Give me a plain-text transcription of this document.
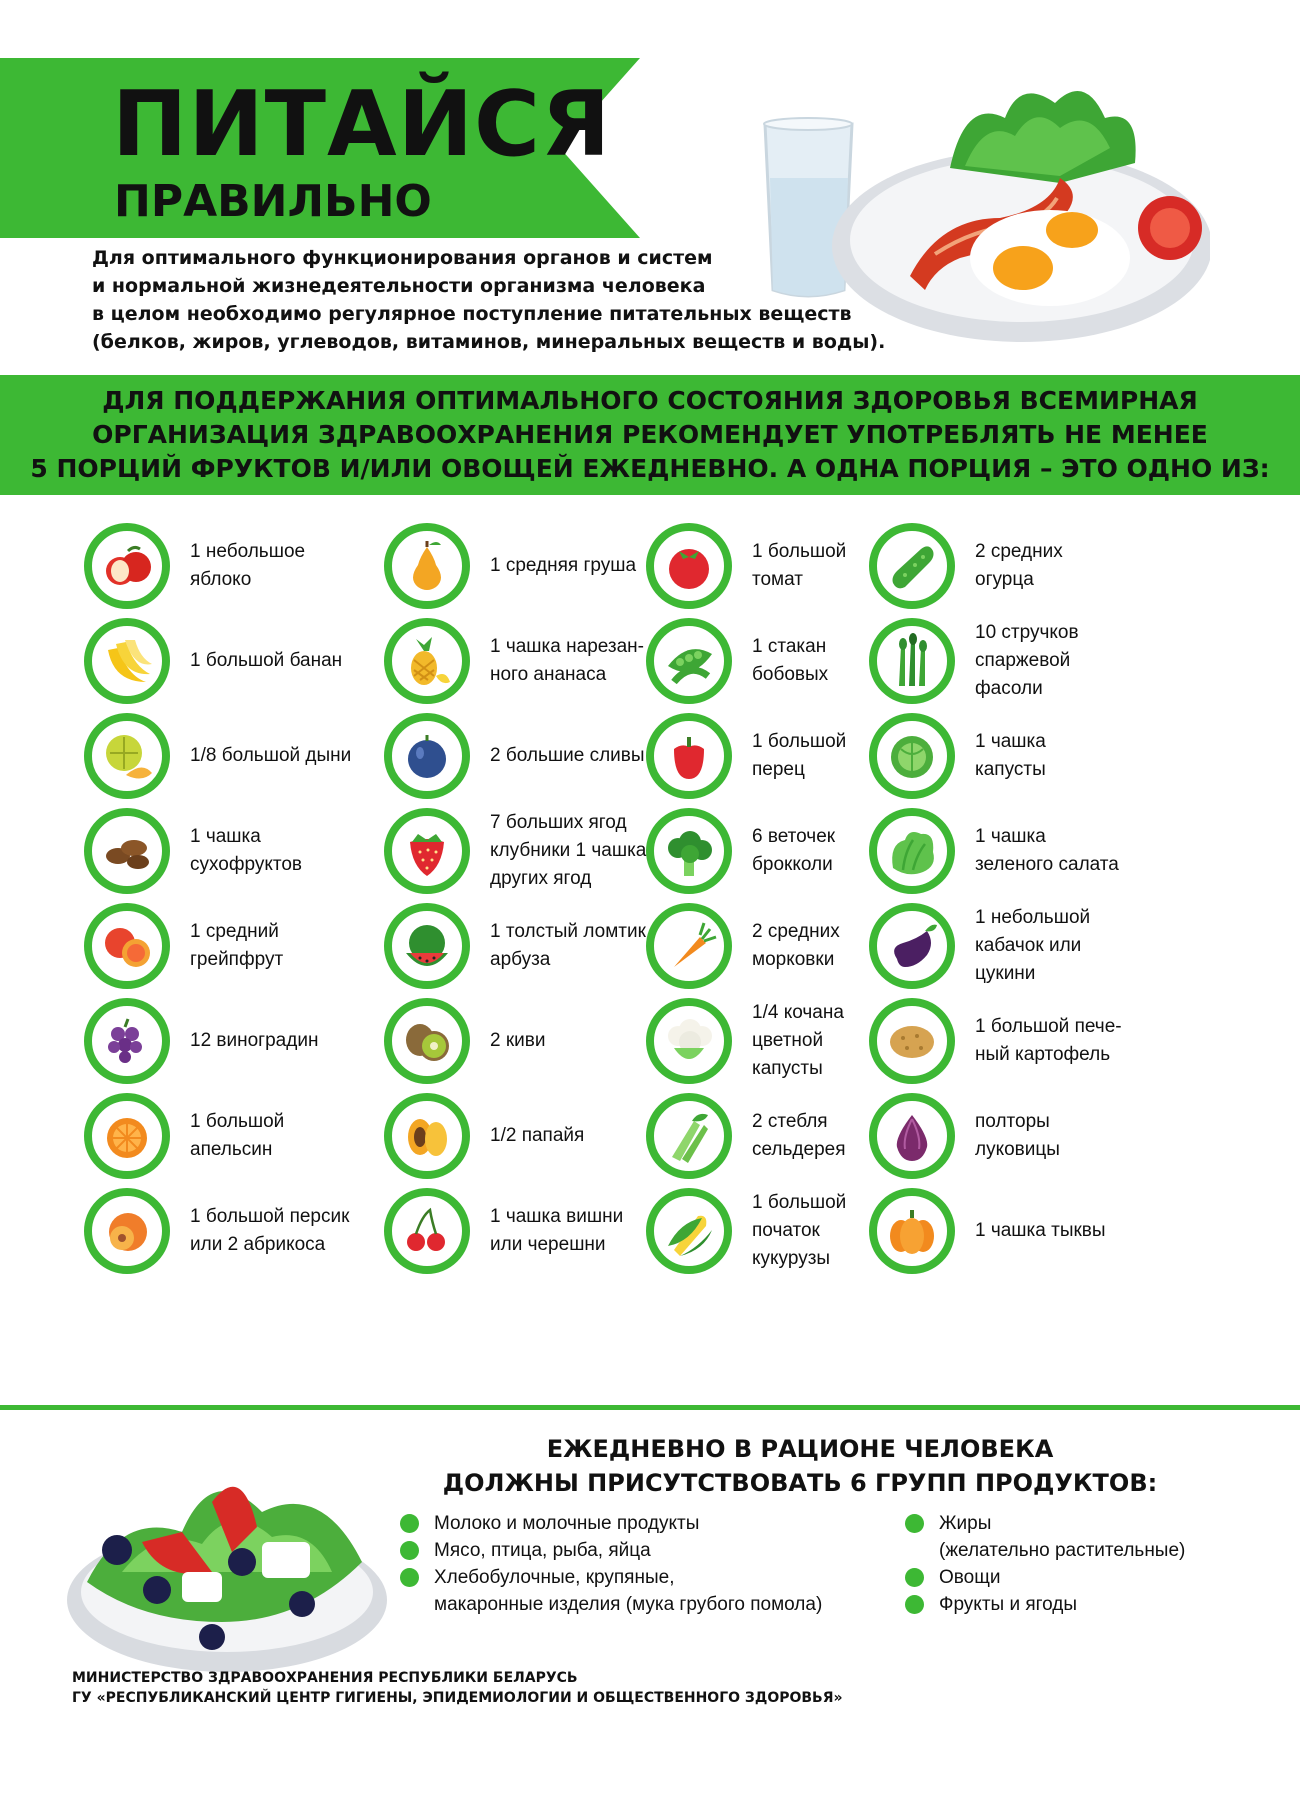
ПИТАЙСЯ
ПРАВИЛЬНО

Для оптимального функционирования органов и систем
и нормальной жизнедеятельности организма человека
в целом необходимо регулярное поступление питательных веществ
(белков, жиров, углеводов, витаминов, минеральных веществ и воды).

ДЛЯ ПОДДЕРЖАНИЯ ОПТИМАЛЬНОГО СОСТОЯНИЯ ЗДОРОВЬЯ ВСЕМИРНАЯ
ОРГАНИЗАЦИЯ ЗДРАВООХРАНЕНИЯ РЕКОМЕНДУЕТ УПОТРЕБЛЯТЬ НЕ МЕНЕЕ
5 ПОРЦИЙ ФРУКТОВ И/ИЛИ ОВОЩЕЙ ЕЖЕДНЕВНО. А ОДНА ПОРЦИЯ – ЭТО ОДНО ИЗ:
1 небольшое
яблоко
1 большой банан
1/8 большой дыни
1 чашка
сухофруктов
1 средний
грейпфрут
12 виноградин
1 большой
апельсин
1 большой персик
или 2 абрикоса
1 средняя груша
1 чашка нарезан-
ного ананаса
2 большие сливы
7 больших ягод
клубники 1 чашка
других ягод
1 толстый ломтик
арбуза
2 киви
1/2 папайя
1 чашка вишни
или черешни
1 большой
томат
1 стакан
бобовых
1 большой
перец
6 веточек
брокколи
2 средних
морковки
1/4 кочана
цветной
капусты
2 стебля
сельдерея
1 большой
початок
кукурузы
2 средних
огурца
10 стручков
спаржевой
фасоли
1 чашка
капусты
1 чашка
зеленого салата
1 небольшой
кабачок или
цукини
1 большой пече-
ный картофель
полторы
луковицы
1 чашка тыквы
ЕЖЕДНЕВНО В РАЦИОНЕ ЧЕЛОВЕКА
ДОЛЖНЫ ПРИСУТСТВОВАТЬ 6 ГРУПП ПРОДУКТОВ:
Молоко и молочные продукты
Мясо, птица, рыба, яйца
Хлебобулочные, крупяные,
макаронные изделия (мука грубого помола)
Жиры
(желательно растительные)
Овощи
Фрукты и ягоды

МИНИСТЕРСТВО ЗДРАВООХРАНЕНИЯ РЕСПУБЛИКИ БЕЛАРУСЬ
ГУ «РЕСПУБЛИКАНСКИЙ ЦЕНТР ГИГИЕНЫ, ЭПИДЕМИОЛОГИИ И ОБЩЕСТВЕННОГО ЗДОРОВЬЯ»
